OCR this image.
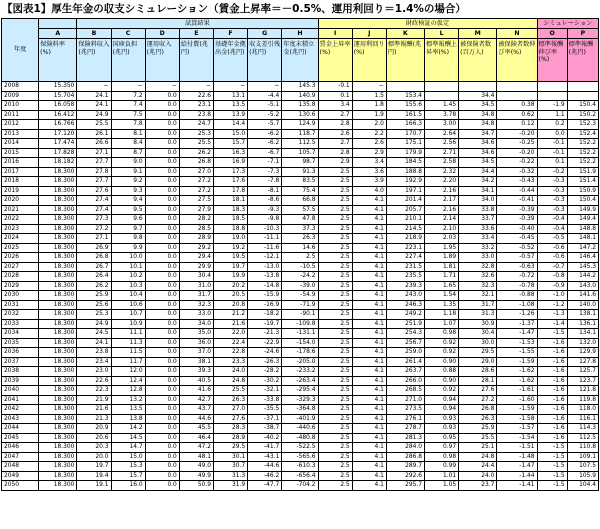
【図表1】厚生年金の収支シミュレーション（賃金上昇率＝－0.5%、運用利回り＝1.4%の場合）
年度		試算結果							財政検証の仮定						シミュレーション	
	A	B	C	D	E	F	G	H	I	J	K	L	M	N	O	P
	保険料率(%)	保険料収入(兆円)	国庫負担(兆円)	運用収入(兆円)	給付費(兆円)	基礎年金拠出金(兆円)	収支差引残(兆円)	年度末積立金(兆円)	賃金上昇率(%)	運用利回り(%)	標準報酬(兆円)	標準報酬上昇率(%)	被保険者数(百万人)	被保険者数伸び率(%)	標準報酬伸び率(%)	標準報酬(兆円)
2008	15.350	−	−	−	−	−	−	145.3	-0.1	−						
2009	15.704	24.1	7.2	0.0	22.6	13.1	-4.4	140.9	0.1	1.5	153.4		34.4			
2010	16.058	24.1	7.4	0.0	23.1	13.5	-5.1	135.8	3.4	1.8	155.6	1.45	34.5	0.38	-1.9	150.4
2011	16.412	24.9	7.5	0.0	23.8	13.9	-5.2	130.6	2.7	1.9	161.5	3.78	34.8	0.62	1.1	150.2
2012	16.766	25.5	7.8	0.0	24.7	14.4	-5.7	124.9	2.8	2.0	166.3	3.00	34.8	0.12	0.2	152.3
2013	17.120	26.1	8.1	0.0	25.3	15.0	-6.2	118.7	2.6	2.2	170.7	2.64	34.7	-0.20	0.0	152.4
2014	17.474	26.6	8.4	0.0	25.5	15.7	-6.2	112.5	2.7	2.6	175.1	2.56	34.6	-0.25	-0.1	152.2
2015	17.828	27.1	8.7	0.0	26.2	16.3	-6.7	105.7	2.8	2.9	179.9	2.71	34.6	-0.20	-0.1	152.2
2016	18.182	27.7	9.0	0.0	26.8	16.9	-7.1	98.7	2.9	3.4	184.5	2.58	34.5	-0.22	0.1	152.2
2017	18.300	27.8	9.1	0.0	27.0	17.3	-7.3	91.3	2.5	3.6	188.8	2.32	34.4	-0.32	-0.2	151.9
2018	18.300	27.7	9.2	0.0	27.2	17.6	-7.8	83.5	2.5	3.9	192.9	2.20	34.2	-0.43	-0.3	151.4
2019	18.300	27.6	9.3	0.0	27.2	17.8	-8.1	75.4	2.5	4.0	197.1	2.16	34.1	-0.44	-0.3	150.9
2020	18.300	27.4	9.4	0.0	27.5	18.1	-8.6	66.8	2.5	4.1	201.4	2.17	34.0	-0.41	-0.3	150.4
2021	18.300	27.4	9.5	0.0	27.9	18.3	-9.3	57.5	2.5	4.1	205.7	2.16	33.8	-0.39	-0.3	149.9
2022	18.300	27.3	9.6	0.0	28.2	18.5	-9.8	47.8	2.5	4.1	210.1	2.14	33.7	-0.39	-0.4	149.4
2023	18.300	27.2	9.7	0.0	28.5	18.8	-10.3	37.3	2.5	4.1	214.5	2.10	33.6	-0.40	-0.4	148.8
2024	18.300	27.1	9.8	0.0	28.9	19.0	-11.1	26.3	2.5	4.1	218.9	2.03	33.4	-0.45	-0.5	148.1
2025	18.300	26.9	9.9	0.0	29.2	19.2	-11.6	14.6	2.5	4.1	223.1	1.95	33.2	-0.52	-0.6	147.2
2026	18.300	26.8	10.0	0.0	29.4	19.5	-12.1	2.5	2.5	4.1	227.4	1.89	33.0	-0.57	-0.6	146.4
2027	18.300	26.7	10.1	0.0	29.9	19.7	-13.0	-10.5	2.5	4.1	231.5	1.81	32.8	-0.63	-0.7	145.3
2028	18.300	26.4	10.2	0.0	30.4	19.9	-13.8	-24.2	2.5	4.1	235.5	1.71	32.6	-0.72	-0.8	144.2
2029	18.300	26.2	10.3	0.0	31.0	20.2	-14.8	-39.0	2.5	4.1	239.3	1.65	32.3	-0.78	-0.9	143.0
2030	18.300	25.9	10.4	0.0	31.7	20.5	-15.9	-54.9	2.5	4.1	243.0	1.54	32.1	-0.88	-1.0	141.6
2031	18.300	25.6	10.6	0.0	32.3	20.8	-16.9	-71.9	2.5	4.1	246.3	1.35	31.7	-1.08	-1.2	140.0
2032	18.300	25.3	10.7	0.0	33.0	21.2	-18.2	-90.1	2.5	4.1	249.2	1.18	31.3	-1.26	-1.3	138.1
2033	18.300	24.9	10.9	0.0	34.0	21.6	-19.7	-109.8	2.5	4.1	251.9	1.07	30.9	-1.37	-1.4	136.1
2034	18.300	24.5	11.1	0.0	35.0	22.0	-21.3	-131.1	2.5	4.1	254.3	0.98	30.4	-1.47	-1.5	134.1
2035	18.300	24.1	11.3	0.0	36.0	22.4	-22.9	-154.0	2.5	4.1	256.7	0.92	30.0	-1.53	-1.6	132.0
2036	18.300	23.8	11.5	0.0	37.0	22.8	-24.6	-178.6	2.5	4.1	259.0	0.92	29.5	-1.55	-1.6	129.9
2037	18.300	23.4	11.7	0.0	38.1	23.3	-26.3	-205.0	2.5	4.1	261.4	0.90	29.0	-1.59	-1.6	127.8
2038	18.300	23.0	12.0	0.0	39.3	24.0	-28.2	-233.2	2.5	4.1	263.7	0.88	28.6	-1.62	-1.6	125.7
2039	18.300	22.6	12.4	0.0	40.5	24.8	-30.2	-263.4	2.5	4.1	266.0	0.90	28.1	-1.62	-1.6	123.7
2040	18.300	22.3	12.8	0.0	41.6	25.5	-32.1	-295.4	2.5	4.1	268.5	0.92	27.6	-1.61	-1.6	121.8
2041	18.300	21.9	13.2	0.0	42.7	26.3	-33.8	-329.3	2.5	4.1	271.0	0.94	27.2	-1.60	-1.6	119.8
2042	18.300	21.6	13.5	0.0	43.7	27.0	-35.5	-364.8	2.5	4.1	273.5	0.94	26.8	-1.59	-1.6	118.0
2043	18.300	21.3	13.8	0.0	44.6	27.6	-37.1	-401.9	2.5	4.1	276.1	0.93	26.3	-1.58	-1.6	116.1
2044	18.300	20.9	14.2	0.0	45.5	28.3	-38.7	-440.6	2.5	4.1	278.7	0.93	25.9	-1.57	-1.6	114.3
2045	18.300	20.6	14.5	0.0	46.4	28.9	-40.2	-480.8	2.5	4.1	281.3	0.95	25.5	-1.54	-1.6	112.5
2046	18.300	20.3	14.7	0.0	47.2	29.5	-41.7	-522.5	2.5	4.1	284.0	0.97	25.1	-1.51	-1.5	110.8
2047	18.300	20.0	15.0	0.0	48.1	30.1	-43.1	-565.6	2.5	4.1	286.8	0.98	24.8	-1.48	-1.5	109.1
2048	18.300	19.7	15.3	0.0	49.0	30.7	-44.6	-610.3	2.5	4.1	289.7	0.99	24.4	-1.47	-1.5	107.5
2049	18.300	19.4	15.7	0.0	49.9	31.3	-46.2	-656.4	2.5	4.1	292.6	1.01	24.0	-1.44	-1.5	105.9
2050	18.300	19.1	16.0	0.0	50.9	31.9	-47.7	-704.2	2.5	4.1	295.7	1.05	23.7	-1.41	-1.5	104.4
